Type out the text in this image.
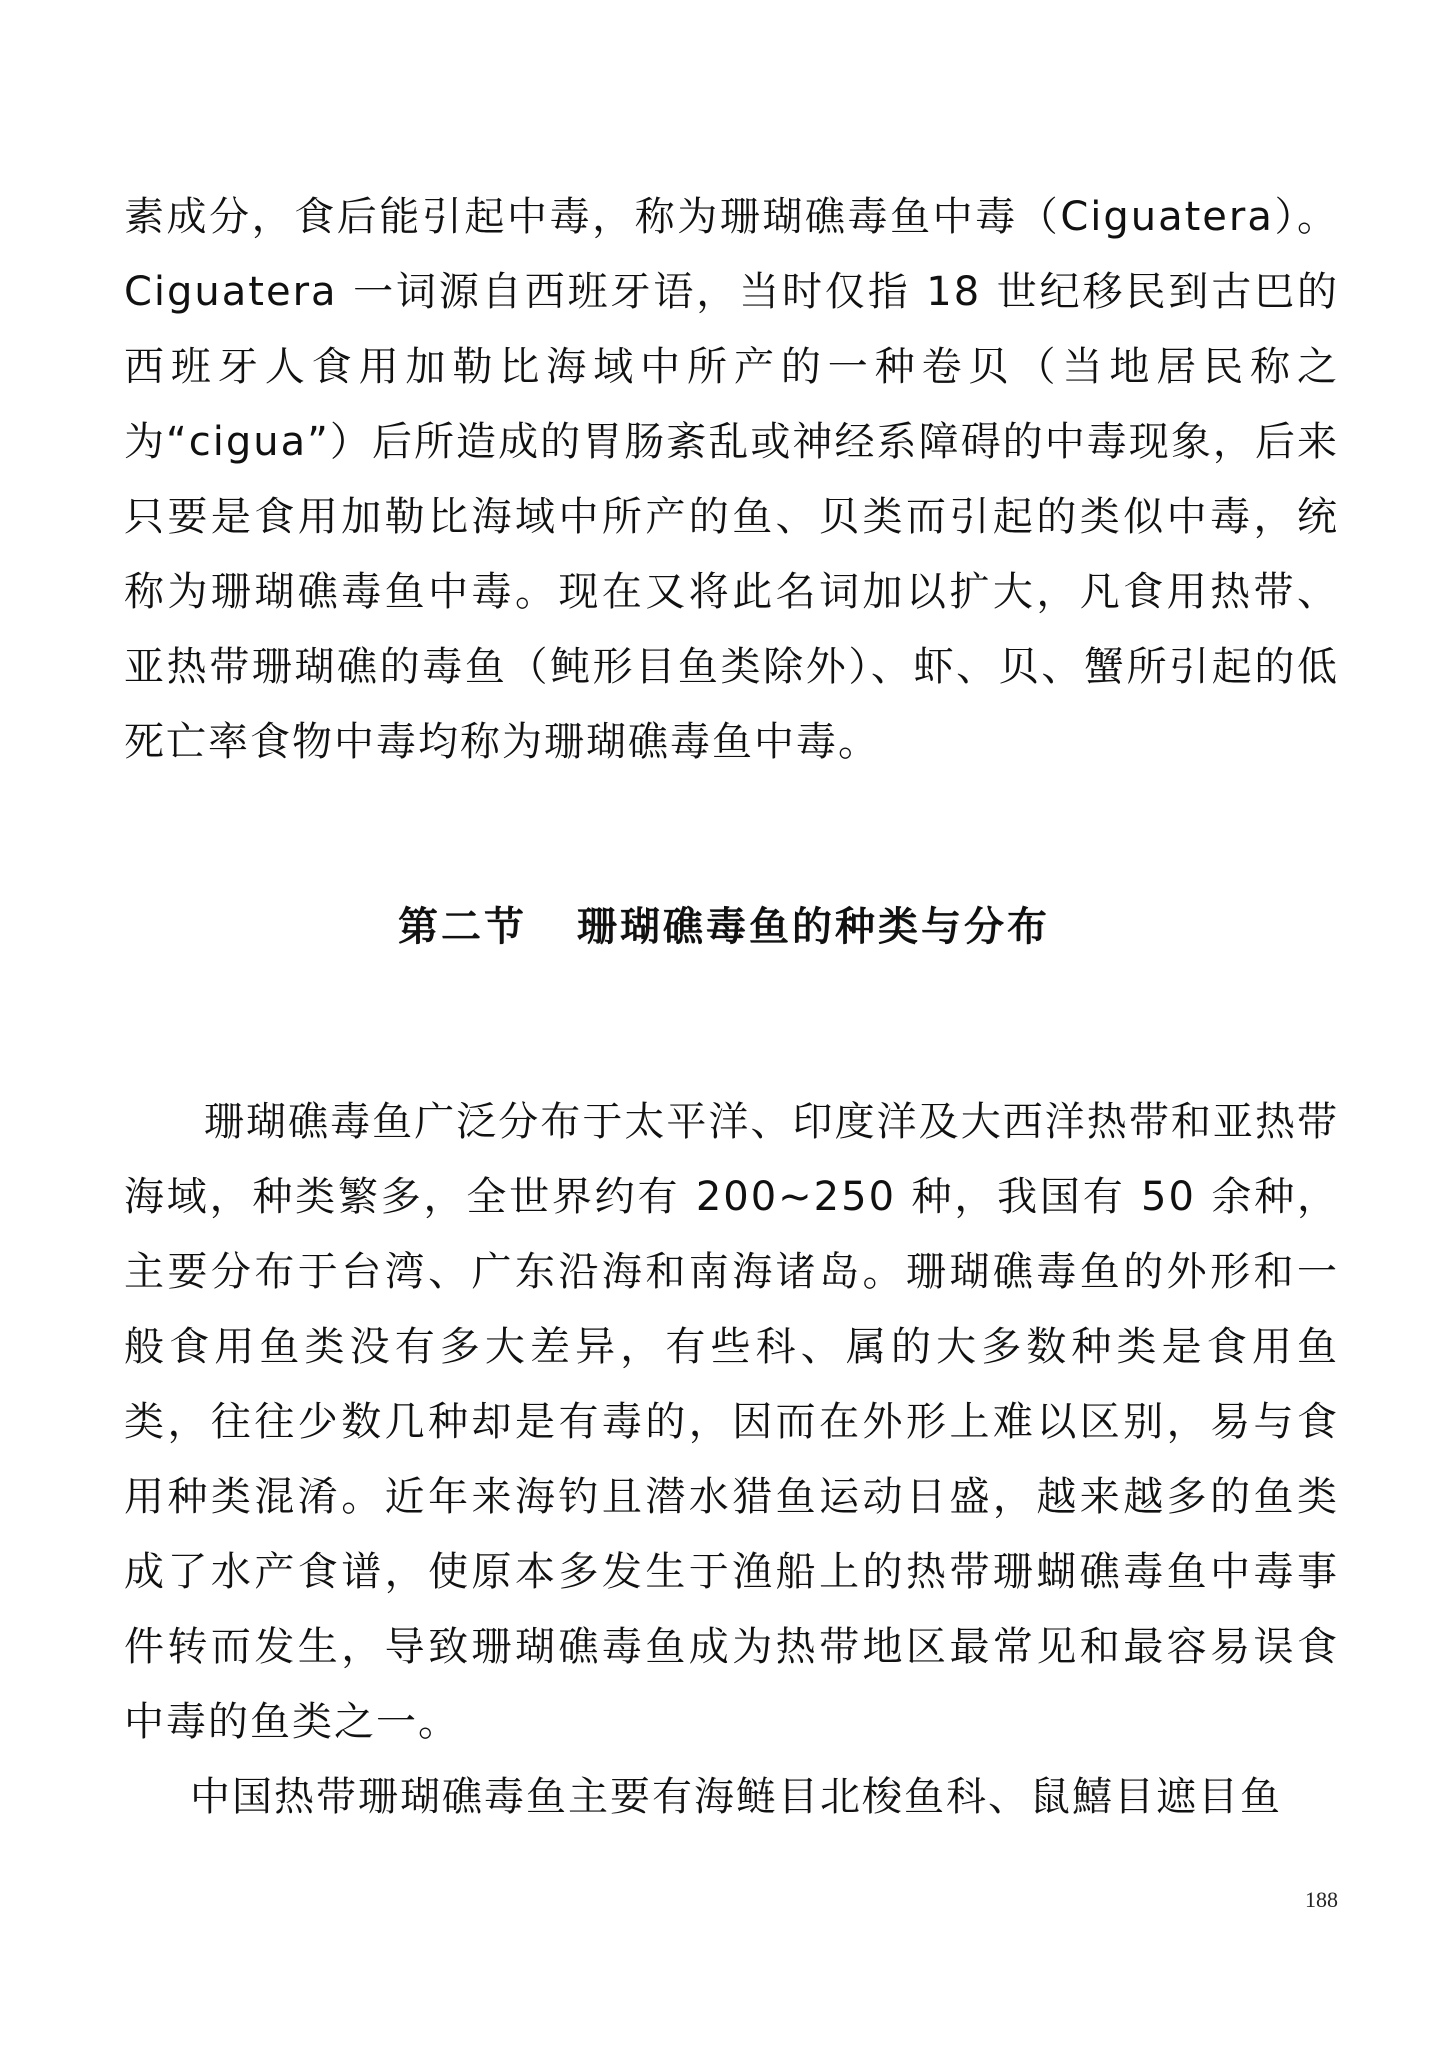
素成分，食后能引起中毒，称为珊瑚礁毒鱼中毒（Ciguatera）。Ciguatera 一词源自西班牙语，当时仅指 18 世纪移民到古巴的西班牙人食用加勒比海域中所产的一种卷贝（当地居民称之为“cigua”）后所造成的胃肠紊乱或神经系障碍的中毒现象，后来只要是食用加勒比海域中所产的鱼、贝类而引起的类似中毒，统称为珊瑚礁毒鱼中毒。现在又将此名词加以扩大，凡食用热带、亚热带珊瑚礁的毒鱼（鲀形目鱼类除外）、虾、贝、蟹所引起的低死亡率食物中毒均称为珊瑚礁毒鱼中毒。

第二节 珊瑚礁毒鱼的种类与分布

珊瑚礁毒鱼广泛分布于太平洋、印度洋及大西洋热带和亚热带海域，种类繁多，全世界约有 200~250 种，我国有 50 余种，主要分布于台湾、广东沿海和南海诸岛。珊瑚礁毒鱼的外形和一般食用鱼类没有多大差异，有些科、属的大多数种类是食用鱼类，往往少数几种却是有毒的，因而在外形上难以区别，易与食用种类混淆。近年来海钓且潜水猎鱼运动日盛，越来越多的鱼类成了水产食谱，使原本多发生于渔船上的热带珊蝴礁毒鱼中毒事件转而发生，导致珊瑚礁毒鱼成为热带地区最常见和最容易误食中毒的鱼类之一。

中国热带珊瑚礁毒鱼主要有海鲢目北梭鱼科、鼠鱚目遮目鱼

188
